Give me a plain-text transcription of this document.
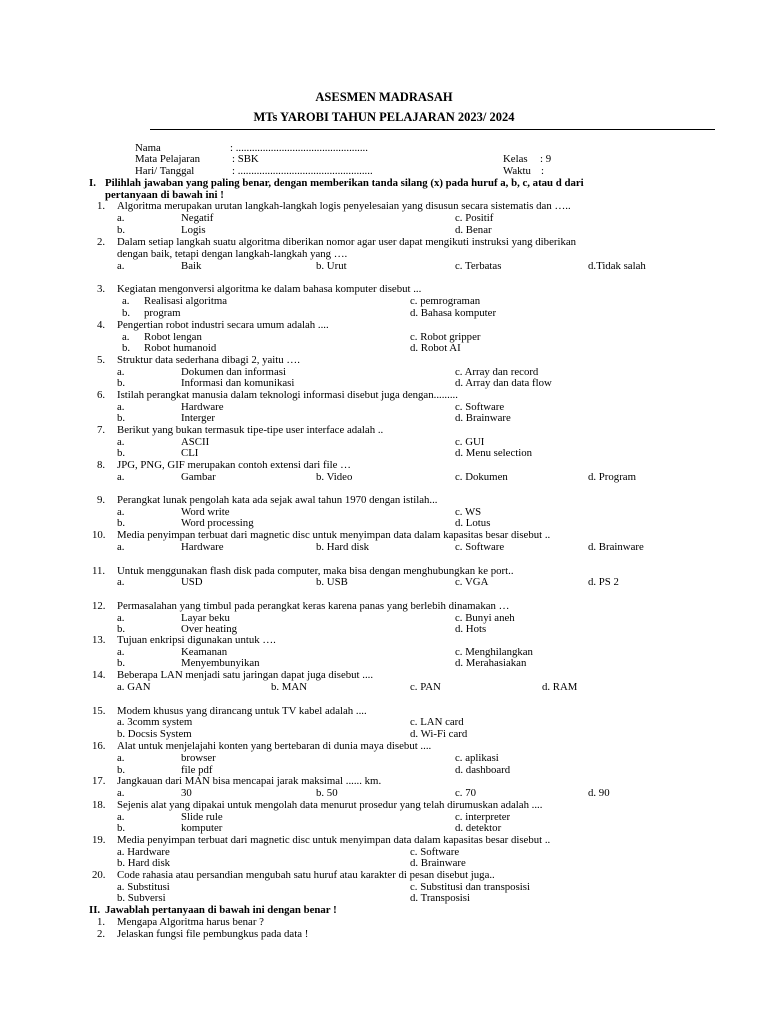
ASESMEN MADRASAH
MTs YAROBI TAHUN PELAJARAN 2023/ 2024
Nama	: .................................................
Mata Pelajaran	: SBK
Hari/ Tanggal	: ..................................................
Kelas : 9
Waktu :
I. Pilihlah jawaban yang paling benar, dengan memberikan tanda silang (x) pada huruf a, b, c, atau d dari
pertanyaan di bawah ini !
II. Jawablah pertanyaan di bawah ini dengan benar !
1. Mengapa Algoritma harus benar ?
2. Jelaskan fungsi file pembungkus pada data !
1. Algoritma merupakan urutan langkah-langkah logis penyelesaian yang disusun secara sistematis dan …..
a.	Negatif	c. Positif
b.	Logis	d. Benar
2. Dalam setiap langkah suatu algoritma diberikan nomor agar user dapat mengikuti instruksi yang diberikan
dengan baik, tetapi dengan langkah-langkah yang ….
a.	Baik	b. Urut	c. Terbatas	d.Tidak salah
3. Kegiatan mengonversi algoritma ke dalam bahasa komputer disebut ...
a. Realisasi algoritma	c. pemrograman
b. program	d. Bahasa komputer
4. Pengertian robot industri secara umum adalah ....
a. Robot lengan	c. Robot gripper
b. Robot humanoid	d. Robot AI
5. Struktur data sederhana dibagi 2, yaitu ….
a.	Dokumen dan informasi	c. Array dan record
b.	Informasi dan komunikasi	d. Array dan data flow
6. Istilah perangkat manusia dalam teknologi informasi disebut juga dengan.........
a.	Hardware	c. Software
b.	Interger	d. Brainware
7. Berikut yang bukan termasuk tipe-tipe user interface adalah ..
a.	ASCII	c. GUI
b.	CLI	d. Menu selection
8. JPG, PNG, GIF merupakan contoh extensi dari file …
a.	Gambar	b. Video	c. Dokumen	d. Program
9. Perangkat lunak pengolah kata ada sejak awal tahun 1970 dengan istilah...
a.	Word write	c. WS
b.	Word processing	d. Lotus
10. Media penyimpan terbuat dari magnetic disc untuk menyimpan data dalam kapasitas besar disebut ..
a.	Hardware	b. Hard disk	c. Software	d. Brainware
11. Untuk menggunakan flash disk pada computer, maka bisa dengan menghubungkan ke port..
a.	USD	b. USB	c. VGA	d. PS 2
12. Permasalahan yang timbul pada perangkat keras karena panas yang berlebih dinamakan …
a.	Layar beku	c. Bunyi aneh
b.	Over heating	d. Hots
13. Tujuan enkripsi digunakan untuk ….
a.	Keamanan	c. Menghilangkan
b.	Menyembunyikan	d. Merahasiakan
14. Beberapa LAN menjadi satu jaringan dapat juga disebut ....
a. GAN	b. MAN	c. PAN	d. RAM
15. Modem khusus yang dirancang untuk TV kabel adalah ....
a. 3comm system	c. LAN card
b. Docsis System	d. Wi-Fi card
16. Alat untuk menjelajahi konten yang bertebaran di dunia maya disebut ....
a.	browser	c. aplikasi
b.	file pdf	d. dashboard
17. Jangkauan dari MAN bisa mencapai jarak maksimal ...... km.
a.	30	b. 50	c. 70	d. 90
18. Sejenis alat yang dipakai untuk mengolah data menurut prosedur yang telah dirumuskan adalah ....
a.	Slide rule	c. interpreter
b.	komputer	d. detektor
19. Media penyimpan terbuat dari magnetic disc untuk menyimpan data dalam kapasitas besar disebut ..
a. Hardware	c. Software
b. Hard disk	d. Brainware
20. Code rahasia atau persandian mengubah satu huruf atau karakter di pesan disebut juga..
a. Substitusi	c. Substitusi dan transposisi
b. Subversi	d. Transposisi
